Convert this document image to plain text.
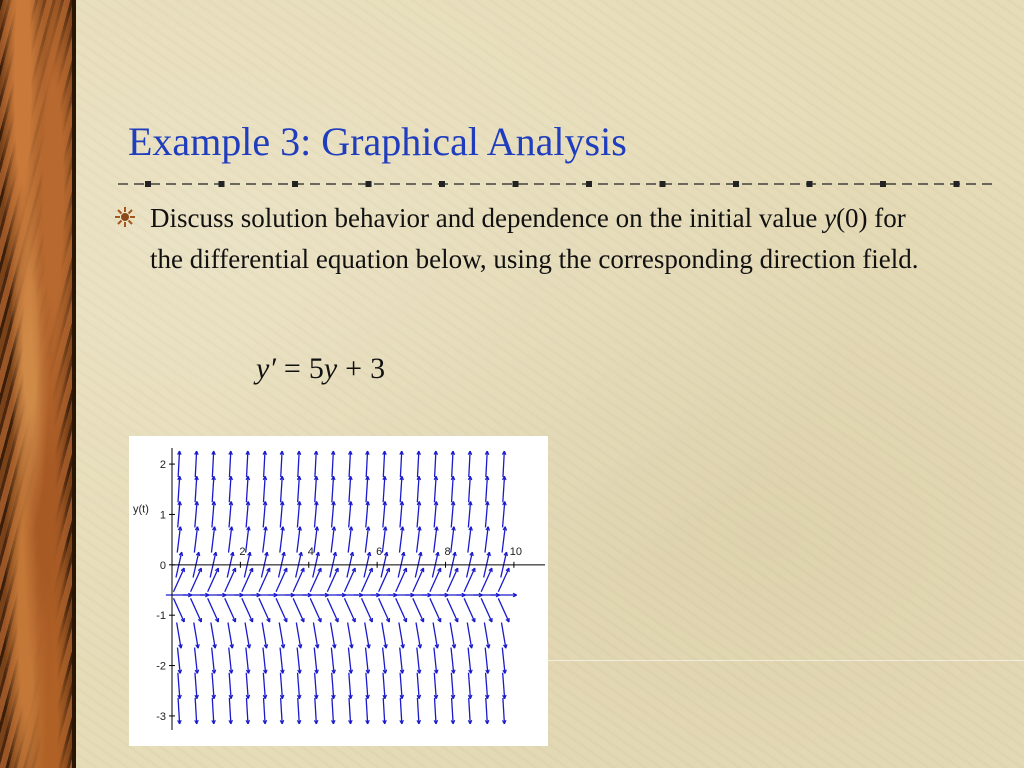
Example 3: Graphical Analysis
Discuss solution behavior and dependence on the initial value y(0) for the differential equation below, using the corresponding direction field.
y′ = 5y + 3
2
1
0
-1
-2
-3
2	4	6	8	10
y(t)
